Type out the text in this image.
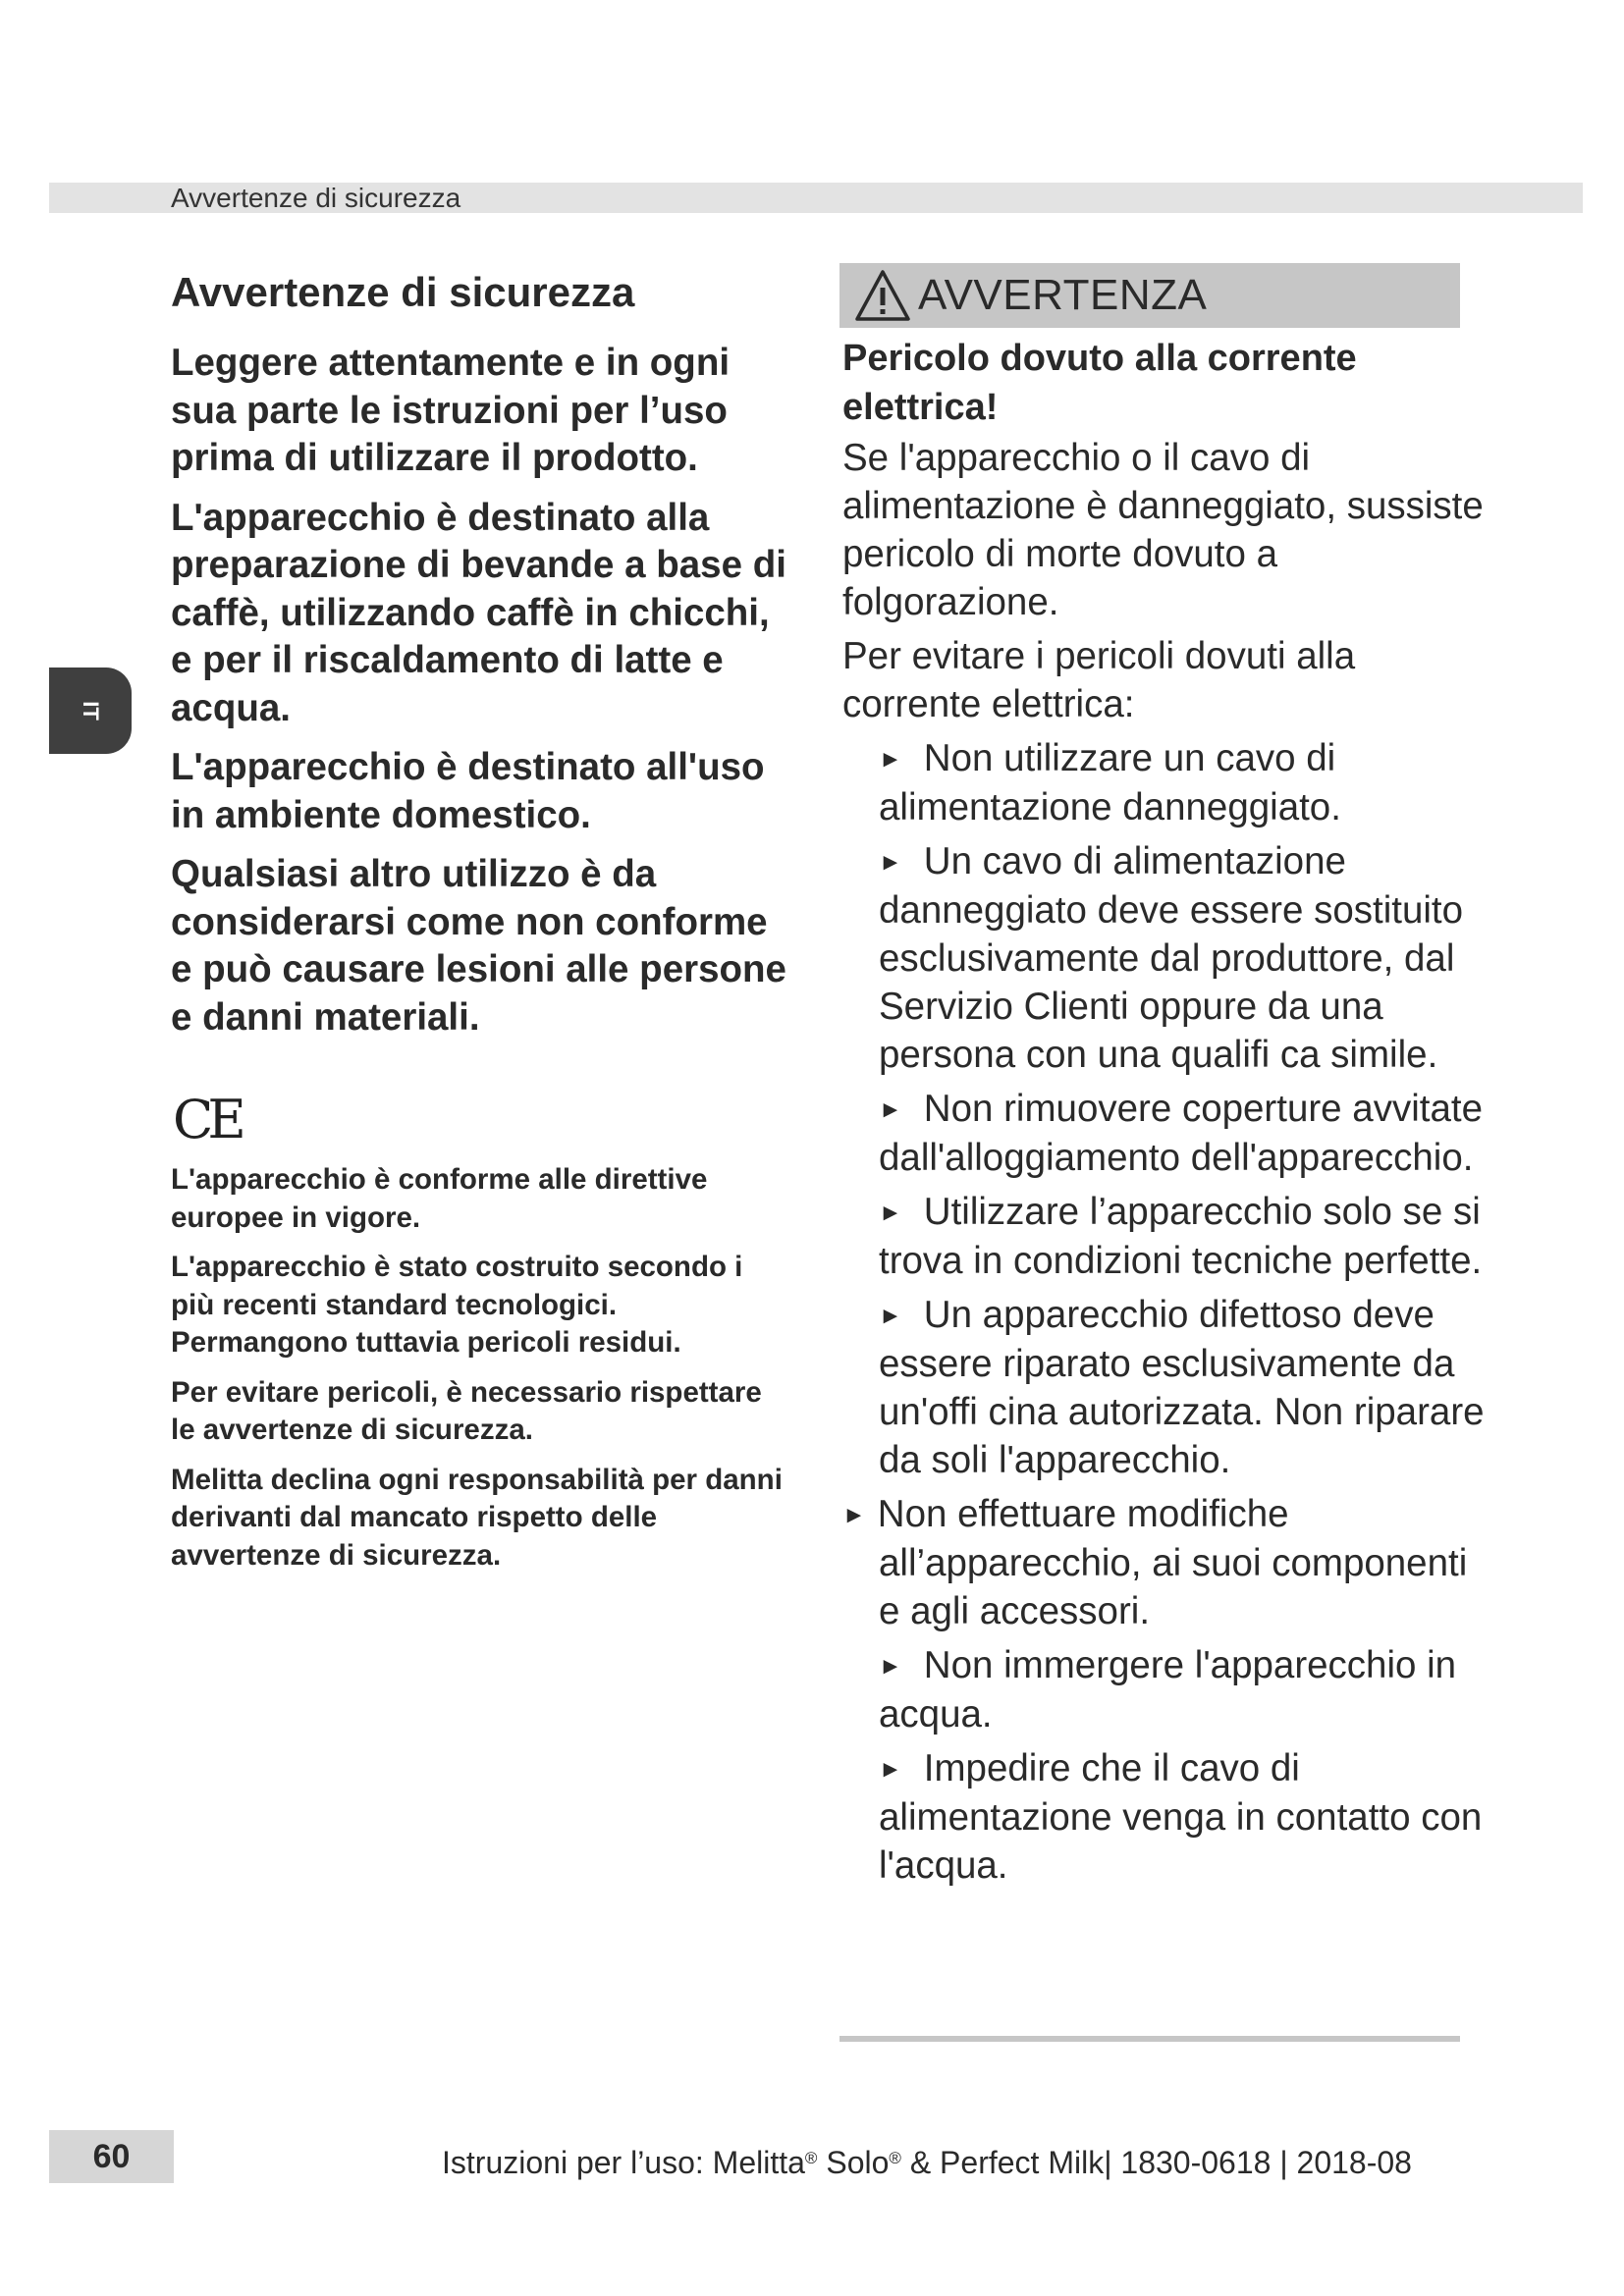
Avvertenze di sicurezza
IT
Avvertenze di sicurezza

Leggere attentamente e in ogni sua parte le istruzioni per l’uso prima di utilizzare il prodotto.

L'apparecchio è destinato alla preparazione di bevande a base di caffè, utilizzando caffè in chicchi, e per il riscaldamento di latte e acqua.

L'apparecchio è destinato all'uso in ambiente domestico.

Qualsiasi altro utilizzo è da considerarsi come non conforme e può causare lesioni alle persone e danni materiali.

CE

L'apparecchio è conforme alle direttive europee in vigore.

L'apparecchio è stato costruito secondo i più recenti standard tecnologici. Permangono tuttavia pericoli residui.

Per evitare pericoli, è necessario rispettare le avvertenze di sicurezza.

Melitta declina ogni responsabilità per danni derivanti dal mancato rispetto delle avvertenze di sicurezza.

AVVERTENZA

Pericolo dovuto alla corrente elettrica!

Se l'apparecchio o il cavo di alimentazione è danneggiato, sussiste pericolo di morte dovuto a folgorazione.

Per evitare i pericoli dovuti alla corrente elettrica:

► Non utilizzare un cavo di alimentazione danneggiato.
► Un cavo di alimentazione danneggiato deve essere sostituito esclusivamente dal produttore, dal Servizio Clienti oppure da una persona con una qualifi ca simile.
► Non rimuovere coperture avvitate dall'alloggiamento dell'apparecchio.
► Utilizzare l’apparecchio solo se si trova in condizioni tecniche perfette.
► Un apparecchio difettoso deve essere riparato esclusivamente da un'offi cina autorizzata. Non riparare da soli l'apparecchio.
► Non effettuare modifiche all’apparecchio, ai suoi componenti e agli accessori.
► Non immergere l'apparecchio in acqua.
► Impedire che il cavo di alimentazione venga in contatto con l'acqua.
60	Istruzioni per l’uso: Melitta® Solo® & Perfect Milk| 1830-0618 | 2018-08
